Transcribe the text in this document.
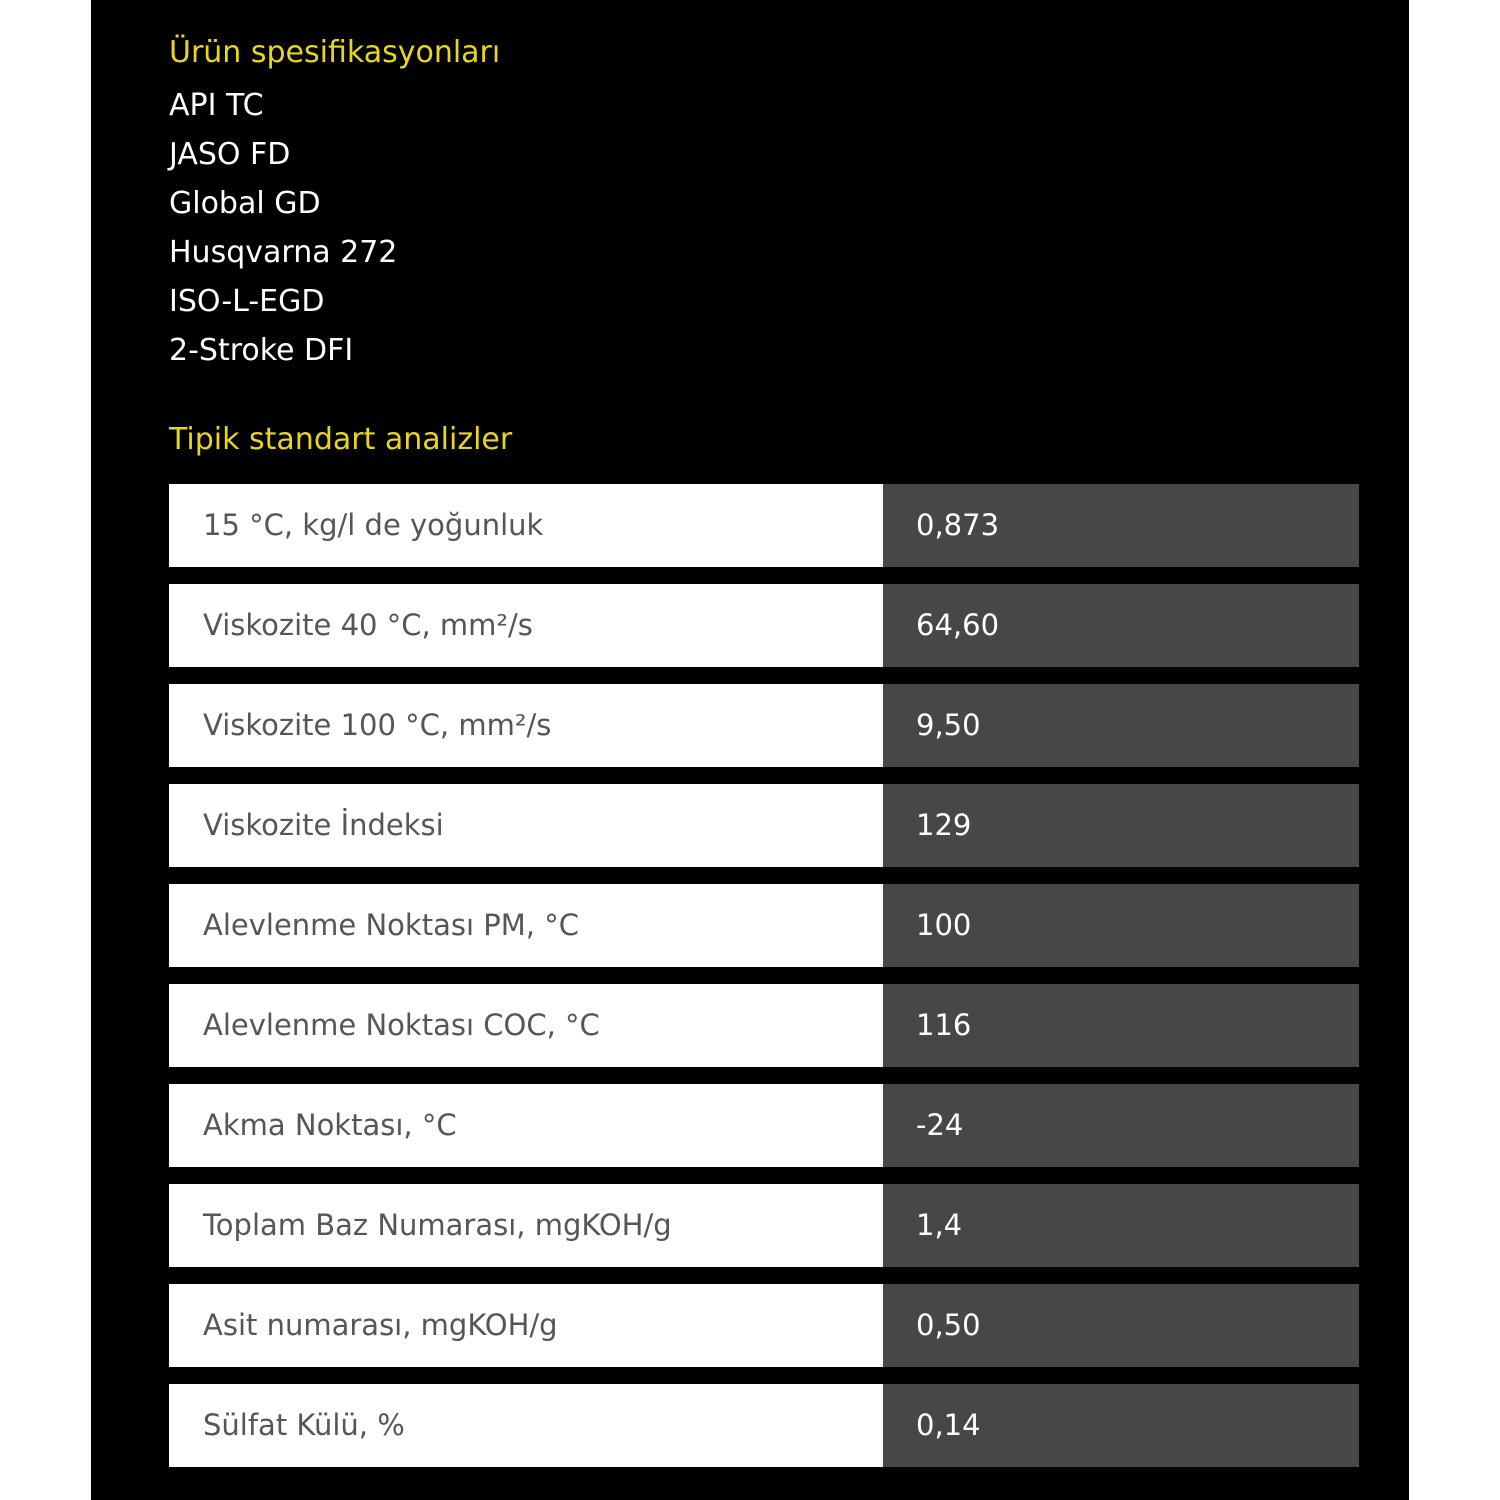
Ürün spesifikasyonları
API TC
JASO FD
Global GD
Husqvarna 272
ISO-L-EGD
2-Stroke DFI
Tipik standart analizler
15 °C, kg/l de yoğunluk	0,873
Viskozite 40 °C, mm²/s	64,60
Viskozite 100 °C, mm²/s	9,50
Viskozite İndeksi	129
Alevlenme Noktası PM, °C	100
Alevlenme Noktası COC, °C	116
Akma Noktası, °C	-24
Toplam Baz Numarası, mgKOH/g	1,4
Asit numarası, mgKOH/g	0,50
Sülfat Külü, %	0,14
